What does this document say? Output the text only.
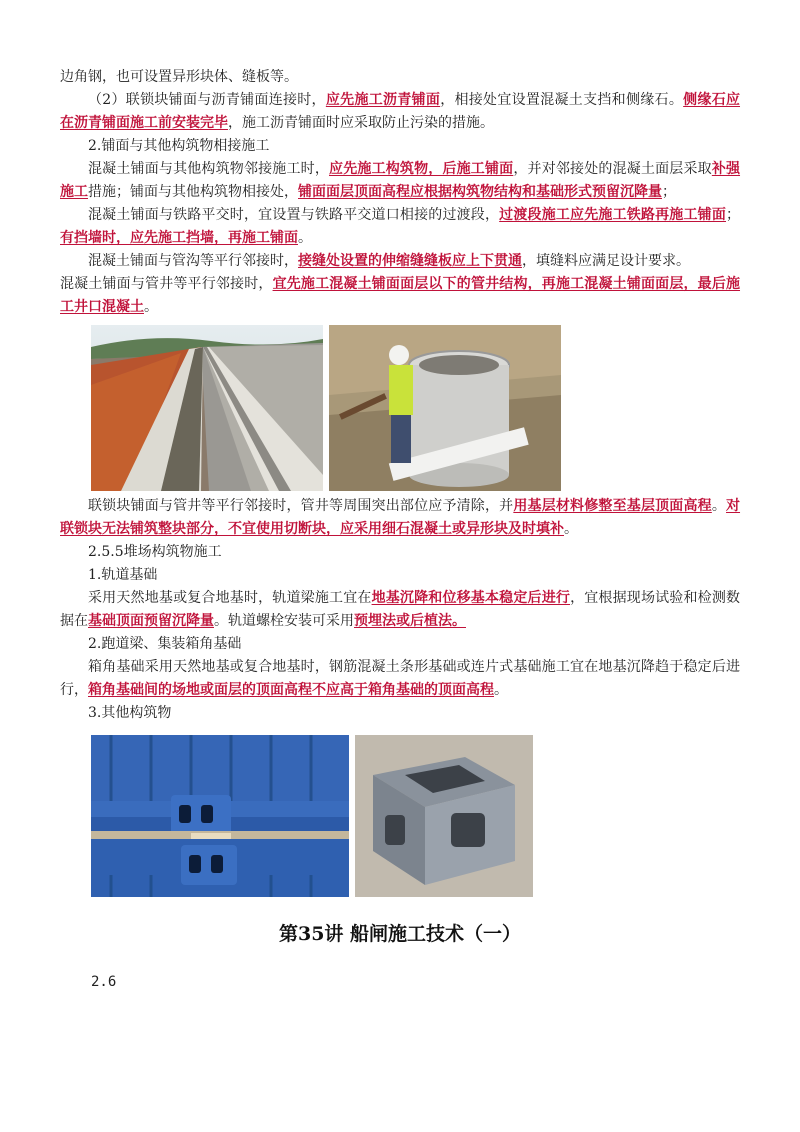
边角钢，也可设置异形块体、缝板等。

（2）联锁块铺面与沥青铺面连接时，应先施工沥青铺面，相接处宜设置混凝土支挡和侧缘石。侧缘石应在沥青铺面施工前安装完毕，施工沥青铺面时应采取防止污染的措施。

2.铺面与其他构筑物相接施工

混凝土铺面与其他构筑物邻接施工时，应先施工构筑物，后施工铺面，并对邻接处的混凝土面层采取补强施工措施；铺面与其他构筑物相接处，铺面面层顶面高程应根据构筑物结构和基础形式预留沉降量；

混凝土铺面与铁路平交时，宜设置与铁路平交道口相接的过渡段，过渡段施工应先施工铁路再施工铺面；有挡墙时，应先施工挡墙，再施工铺面。

混凝土铺面与管沟等平行邻接时，接缝处设置的伸缩缝缝板应上下贯通，填缝料应满足设计要求。

混凝土铺面与管井等平行邻接时，宜先施工混凝土铺面面层以下的管井结构，再施工混凝土铺面面层，最后施工井口混凝土。

联锁块铺面与管井等平行邻接时，管井等周围突出部位应予清除，并用基层材料修整至基层顶面高程。对联锁块无法铺筑整块部分，不宜使用切断块，应采用细石混凝土或异形块及时填补。

2.5.5堆场构筑物施工

1.轨道基础

采用天然地基或复合地基时，轨道梁施工宜在地基沉降和位移基本稳定后进行，宜根据现场试验和检测数据在基础顶面预留沉降量。轨道螺栓安装可采用预埋法或后植法。

2.跑道梁、集装箱角基础

箱角基础采用天然地基或复合地基时，钢筋混凝土条形基础或连片式基础施工宜在地基沉降趋于稳定后进行，箱角基础间的场地或面层的顶面高程不应高于箱角基础的顶面高程。

3.其他构筑物

第35讲 船闸施工技术（一）
2.6
